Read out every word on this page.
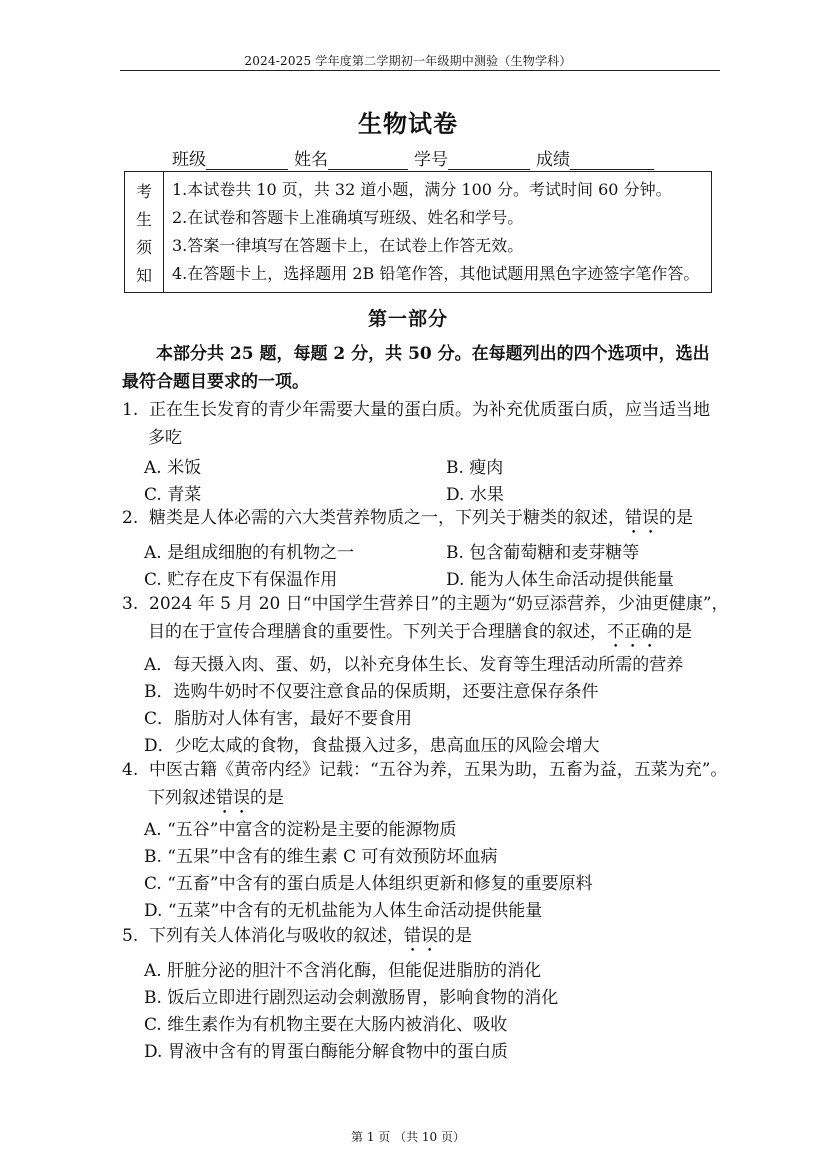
2024-2025 学年度第二学期初一年级期中测验（生物学科）
生物试卷
班级	姓名	学号	成绩
考
生
须
知
1.本试卷共 10 页，共 32 道小题，满分 100 分。考试时间 60 分钟。
2.在试卷和答题卡上准确填写班级、姓名和学号。
3.答案一律填写在答题卡上，在试卷上作答无效。
4.在答题卡上，选择题用 2B 铅笔作答，其他试题用黑色字迹签字笔作答。
第一部分
本部分共 25 题，每题 2 分，共 50 分。在每题列出的四个选项中，选出最符合题目要求的一项。
1. 正在生长发育的青少年需要大量的蛋白质。为补充优质蛋白质，应当适当地
多吃
A. 米饭	B. 瘦肉
C. 青菜	D. 水果
2. 糖类是人体必需的六大类营养物质之一，下列关于糖类的叙述，错误的是
A. 是组成细胞的有机物之一	B. 包含葡萄糖和麦芽糖等
C. 贮存在皮下有保温作用	D. 能为人体生命活动提供能量
3. 2024 年 5 月 20 日“中国学生营养日”的主题为“奶豆添营养，少油更健康”，
目的在于宣传合理膳食的重要性。下列关于合理膳食的叙述，不正确的是
A．每天摄入肉、蛋、奶，以补充身体生长、发育等生理活动所需的营养
B．选购牛奶时不仅要注意食品的保质期，还要注意保存条件
C．脂肪对人体有害，最好不要食用
D．少吃太咸的食物，食盐摄入过多，患高血压的风险会增大
4. 中医古籍《黄帝内经》记载：“五谷为养，五果为助，五畜为益，五菜为充”。
下列叙述错误的是
A. “五谷”中富含的淀粉是主要的能源物质
B. “五果”中含有的维生素 C 可有效预防坏血病
C. “五畜”中含有的蛋白质是人体组织更新和修复的重要原料
D. “五菜”中含有的无机盐能为人体生命活动提供能量
5. 下列有关人体消化与吸收的叙述，错误的是
A. 肝脏分泌的胆汁不含消化酶，但能促进脂肪的消化
B. 饭后立即进行剧烈运动会刺激肠胃，影响食物的消化
C. 维生素作为有机物主要在大肠内被消化、吸收
D. 胃液中含有的胃蛋白酶能分解食物中的蛋白质
第 1 页 （共 10 页）
